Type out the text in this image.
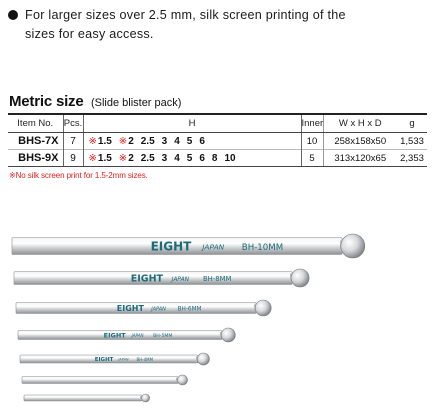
For larger sizes over 2.5 mm, silk screen printing of the
sizes for easy access.
Metric size (Slide blister pack)
Item No.	Pcs.	H	Inner	W x H x D	g
BHS-7X	7	※ 1.5 ※ 2 2.5 3 4 5 6	10	258x158x50	1,533
BHS-9X	9	※ 1.5 ※ 2 2.5 3 4 5 6 8 10	5	313x120x65	2,353
※No silk screen print for 1.5-2mm sizes.
EIGHT JAPAN BH-10MM
EIGHT JAPAN BH-8MM
EIGHT JAPAN BH-6MM
EIGHT JAPAN BH-5MM
EIGHT JAPAN BH-4MM
